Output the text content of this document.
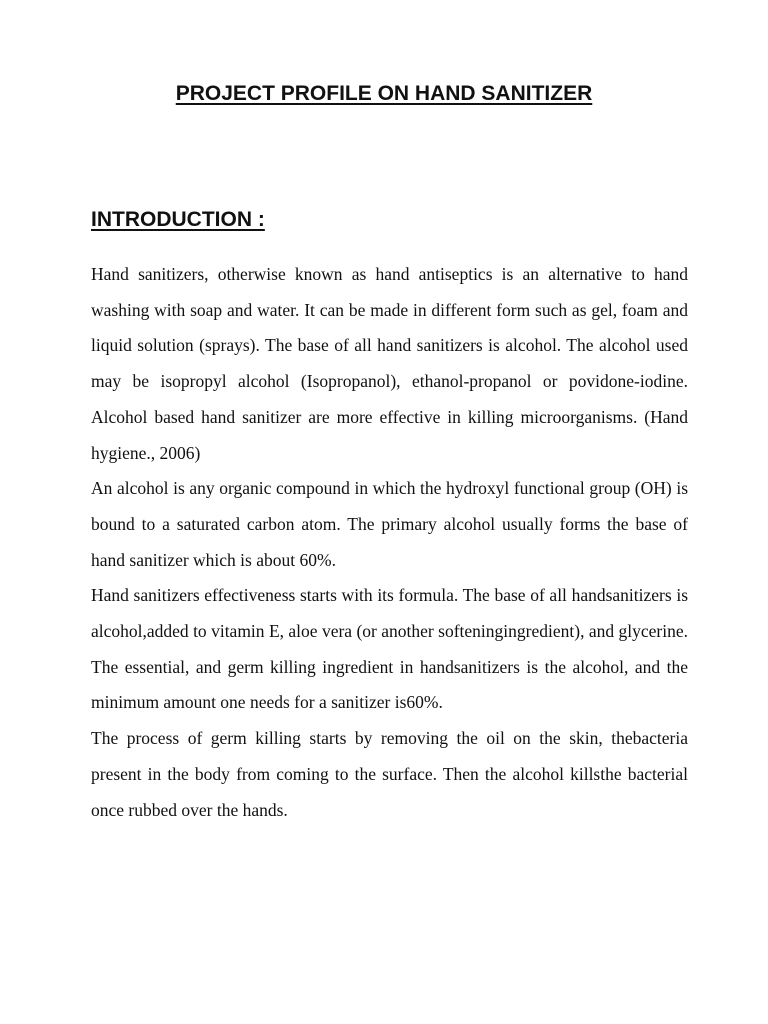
PROJECT PROFILE ON HAND SANITIZER
INTRODUCTION :

Hand sanitizers, otherwise known as hand antiseptics is an alternative to hand washing with soap and water. It can be made in different form such as gel, foam and liquid solution (sprays). The base of all hand sanitizers is alcohol. The alcohol used may be isopropyl alcohol (Isopropanol), ethanol-propanol or povidone-iodine. Alcohol based hand sanitizer are more effective in killing microorganisms. (Hand hygiene., 2006)

An alcohol is any organic compound in which the hydroxyl functional group (OH) is bound to a saturated carbon atom. The primary alcohol usually forms the base of hand sanitizer which is about 60%.

Hand sanitizers effectiveness starts with its formula. The base of all handsanitizers is alcohol,added to vitamin E, aloe vera (or another softeningingredient), and glycerine. The essential, and germ killing ingredient in handsanitizers is the alcohol, and the minimum amount one needs for a sanitizer is60%.

The process of germ killing starts by removing the oil on the skin, thebacteria present in the body from coming to the surface. Then the alcohol killsthe bacterial once rubbed over the hands.
